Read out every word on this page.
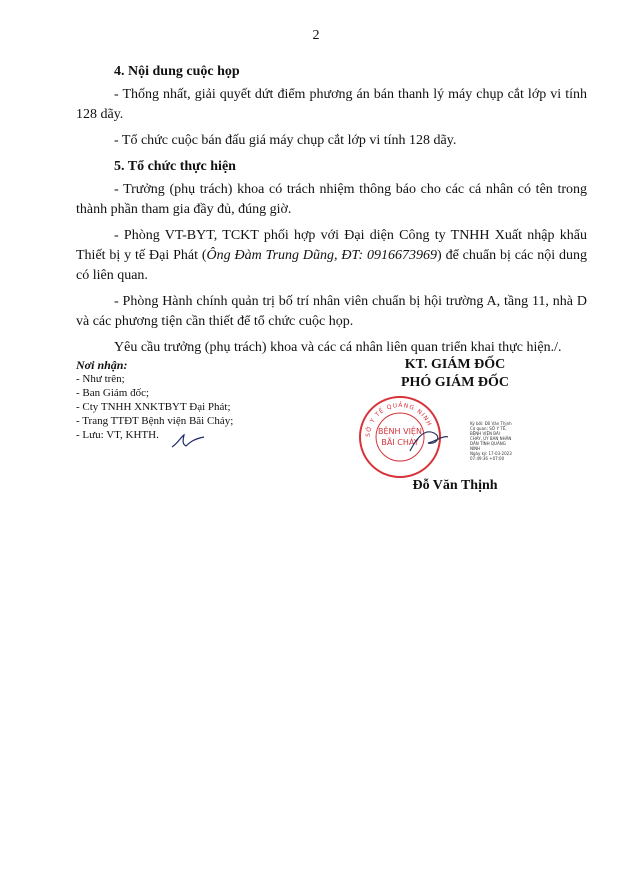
2
4. Nội dung cuộc họp

- Thống nhất, giải quyết dứt điểm phương án bán thanh lý máy chụp cắt lớp vi tính 128 dãy.

- Tổ chức cuộc bán đấu giá máy chụp cắt lớp vi tính 128 dãy.

5. Tổ chức thực hiện

- Trưởng (phụ trách) khoa có trách nhiệm thông báo cho các cá nhân có tên trong thành phần tham gia đầy đủ, đúng giờ.

- Phòng VT-BYT, TCKT phối hợp với Đại diện Công ty TNHH Xuất nhập khẩu Thiết bị y tế Đại Phát (Ông Đàm Trung Dũng, ĐT: 0916673969) để chuẩn bị các nội dung có liên quan.

- Phòng Hành chính quản trị bố trí nhân viên chuẩn bị hội trường A, tầng 11, nhà D và các phương tiện cần thiết để tổ chức cuộc họp.

Yêu cầu trưởng (phụ trách) khoa và các cá nhân liên quan triển khai thực hiện./.

Nơi nhận:
- Như trên;
- Ban Giám đốc;
- Cty TNHH XNKTBYT Đại Phát;
- Trang TTĐT Bệnh viện Bãi Cháy;
- Lưu: VT, KHTH.
KT. GIÁM ĐỐC
PHÓ GIÁM ĐỐC
SỞ Y TẾ QUẢNG NINH
BỆNH VIỆN
BÃI CHÁY
Ký bởi: Đỗ Văn Thịnh
Cơ quan: SỞ Y TẾ,
BỆNH VIỆN BÃI
CHÁY, ỦY BAN NHÂN
DÂN TỈNH QUẢNG
NINH
Ngày ký: 17-03-2023
07:49:36 +07:00
Đỗ Văn Thịnh
